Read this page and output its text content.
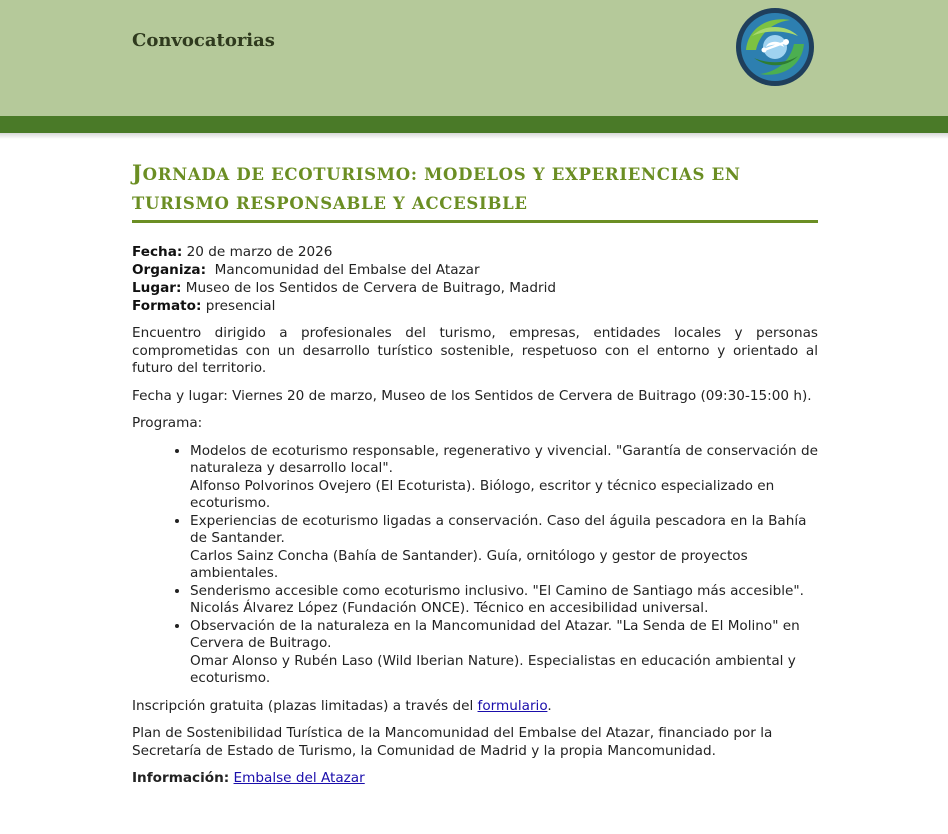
Convocatorias
JORNADA DE ECOTURISMO: MODELOS Y EXPERIENCIAS EN
TURISMO RESPONSABLE Y ACCESIBLE
Fecha: 20 de marzo de 2026
Organiza:  Mancomunidad del Embalse del Atazar
Lugar: Museo de los Sentidos de Cervera de Buitrago, Madrid
Formato: presencial

Encuentro dirigido a profesionales del turismo, empresas, entidades locales y personas comprometidas con un desarrollo turístico sostenible, respetuoso con el entorno y orientado al futuro del territorio.

Fecha y lugar: Viernes 20 de marzo, Museo de los Sentidos de Cervera de Buitrago (09:30-15:00 h).

Programa:

• Modelos de ecoturismo responsable, regenerativo y vivencial. "Garantía de conservación de naturaleza y desarrollo local".
Alfonso Polvorinos Ovejero (El Ecoturista). Biólogo, escritor y técnico especializado en ecoturismo.
• Experiencias de ecoturismo ligadas a conservación. Caso del águila pescadora en la Bahía de Santander.
Carlos Sainz Concha (Bahía de Santander). Guía, ornitólogo y gestor de proyectos ambientales.
• Senderismo accesible como ecoturismo inclusivo. "El Camino de Santiago más accesible".
Nicolás Álvarez López (Fundación ONCE). Técnico en accesibilidad universal.
• Observación de la naturaleza en la Mancomunidad del Atazar. "La Senda de El Molino" en Cervera de Buitrago.
Omar Alonso y Rubén Laso (Wild Iberian Nature). Especialistas en educación ambiental y ecoturismo.

Inscripción gratuita (plazas limitadas) a través del formulario.

Plan de Sostenibilidad Turística de la Mancomunidad del Embalse del Atazar, financiado por la Secretaría de Estado de Turismo, la Comunidad de Madrid y la propia Mancomunidad.

Información: Embalse del Atazar
